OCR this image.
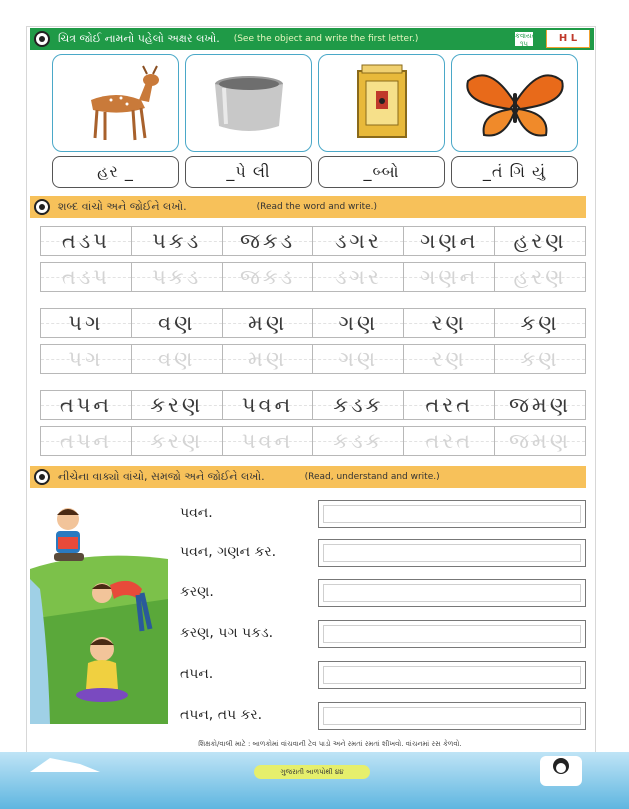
ચિત્ર જોઈ નામનો પહેલો અક્ષર લખો. (See the object and write the first letter.)	કવાયત
૧૫	H L
હર _	_પે લી	_બ્બો	_તં ગિ યું
શબ્દ વાંચો અને જોઈને લખો.	(Read the word and write.)
તડપ પકડ જકડ ડગર ગણન હરણ
તડપ પકડ જકડ ડગર ગણન હરણ
પગ	વણ	મણ ગણ	રણ	કણ
પગ	વણ	મણ ગણ	રણ	કણ
તપન કરણ પવન કડક તરત જમણ
તપન કરણ પવન કડક તરત જમણ
નીચેના વાક્યો વાંચો, સમજો અને જોઈને લખો.	(Read, understand and write.)
પવન.
પવન, ગણન કર.
કરણ.
કરણ, પગ પકડ.
તપન.
તપન, તપ કર.
શિક્ષકો/વાલી માટે : બાળકોમાં વાંચવાની ટેવ પાડો અને રમતાં રમતાં શીખવો. વાંચનમાં રસ કેળવો.
ગુજરાતી બાળપોથી ૪૪
